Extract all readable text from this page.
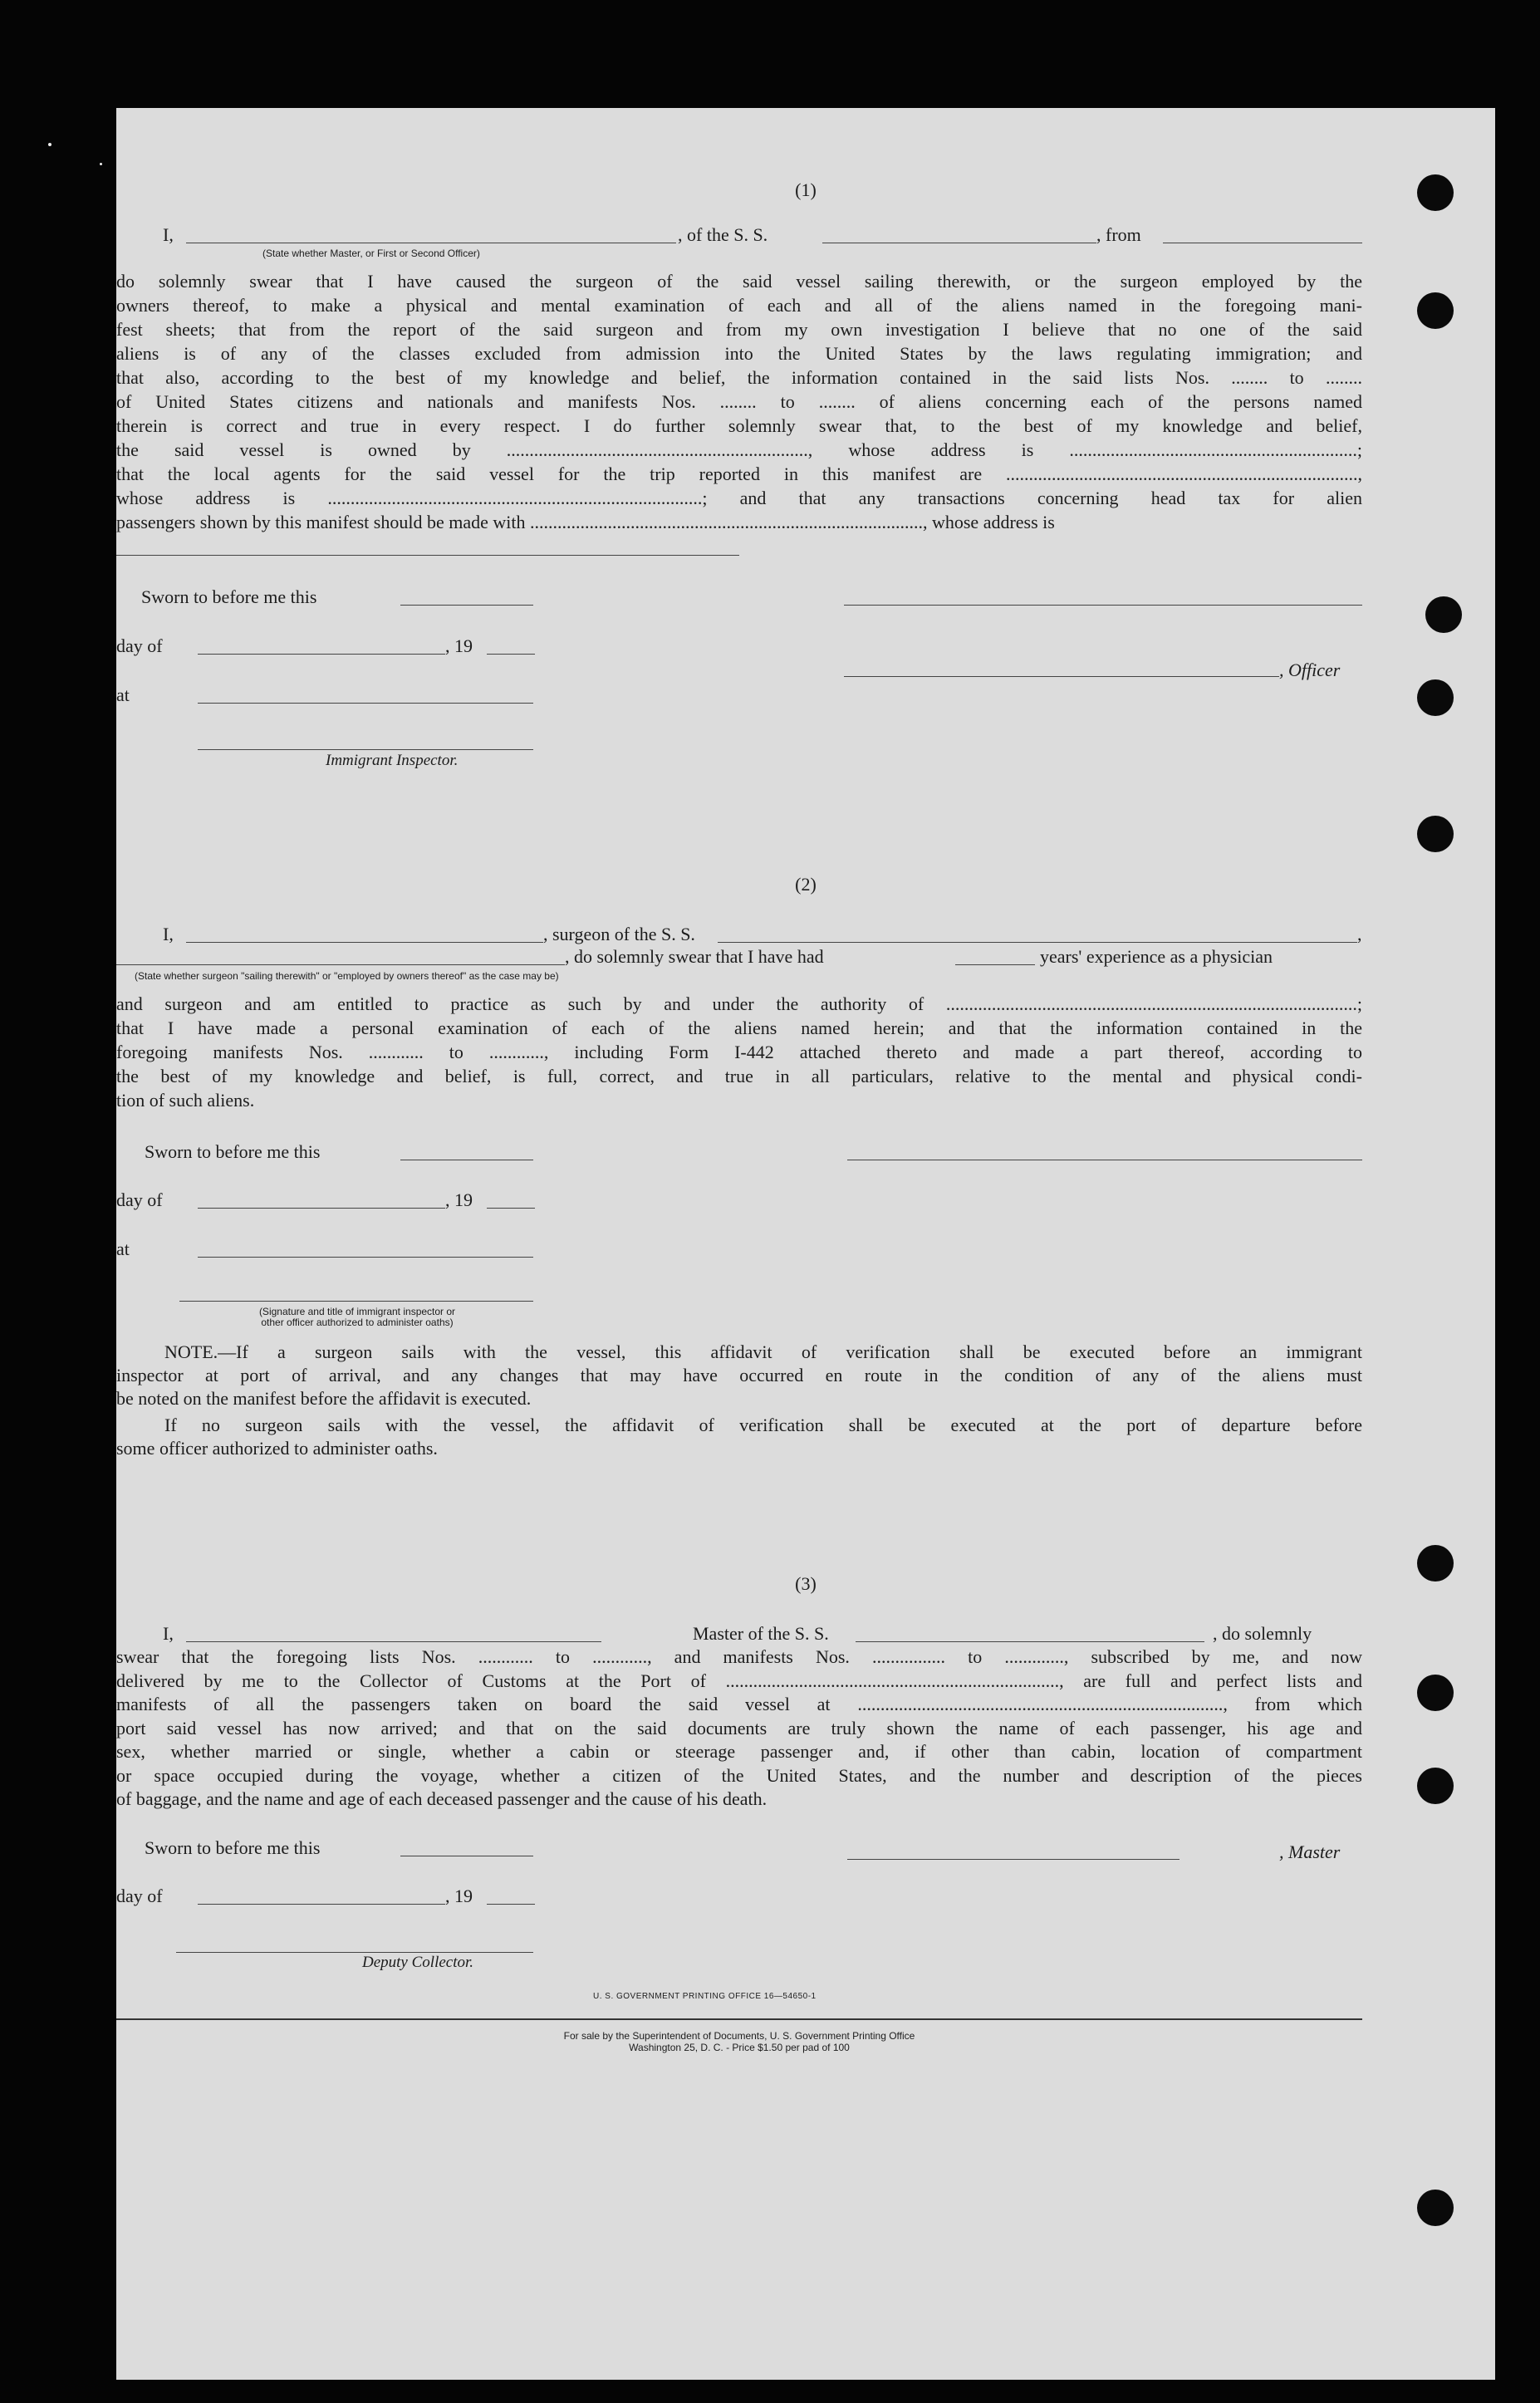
(1)
I,	, of the S. S.	, from
(State whether Master, or First or Second Officer)
do solemnly swear that I have caused the surgeon of the said vessel sailing therewith, or the surgeon employed by the
owners thereof, to make a physical and mental examination of each and all of the aliens named in the foregoing mani-
fest sheets; that from the report of the said surgeon and from my own investigation I believe that no one of the said
aliens is of any of the classes excluded from admission into the United States by the laws regulating immigration; and
that also, according to the best of my knowledge and belief, the information contained in the said lists Nos. ........ to ........
of United States citizens and nationals and manifests Nos. ........ to ........ of aliens concerning each of the persons named
therein is correct and true in every respect. I do further solemnly swear that, to the best of my knowledge and belief,
the said vessel is owned by .................................................................., whose address is ...............................................................;
that the local agents for the said vessel for the trip reported in this manifest are .............................................................................,
whose address is ..................................................................................; and that any transactions concerning head tax for alien
passengers shown by this manifest should be made with ......................................................................................, whose address is
Sworn to before me this
day of	, 19
, Officer
at
Immigrant Inspector.
(2)
I,	, surgeon of the S. S.	,
, do solemnly swear that I have had	years' experience as a physician
(State whether surgeon "sailing therewith" or "employed by owners thereof" as the case may be)
and surgeon and am entitled to practice as such by and under the authority of ..........................................................................................;
that I have made a personal examination of each of the aliens named herein; and that the information contained in the
foregoing manifests Nos. ............ to ............, including Form I-442 attached thereto and made a part thereof, according to
the best of my knowledge and belief, is full, correct, and true in all particulars, relative to the mental and physical condi-
tion of such aliens.
Sworn to before me this
day of	, 19
at
(Signature and title of immigrant inspector or
other officer authorized to administer oaths)
NOTE.—If a surgeon sails with the vessel, this affidavit of verification shall be executed before an immigrant
inspector at port of arrival, and any changes that may have occurred en route in the condition of any of the aliens must
be noted on the manifest before the affidavit is executed.
If no surgeon sails with the vessel, the affidavit of verification shall be executed at the port of departure before
some officer authorized to administer oaths.
(3)
I,	Master of the S. S.	, do solemnly
swear that the foregoing lists Nos. ............ to ............, and manifests Nos. ................ to ............., subscribed by me, and now
delivered by me to the Collector of Customs at the Port of ........................................................................., are full and perfect lists and
manifests of all the passengers taken on board the said vessel at ................................................................................, from which
port said vessel has now arrived; and that on the said documents are truly shown the name of each passenger, his age and
sex, whether married or single, whether a cabin or steerage passenger and, if other than cabin, location of compartment
or space occupied during the voyage, whether a citizen of the United States, and the number and description of the pieces
of baggage, and the name and age of each deceased passenger and the cause of his death.
Sworn to before me this	, Master
day of	, 19
Deputy Collector.
U. S. GOVERNMENT PRINTING OFFICE 16—54650-1
For sale by the Superintendent of Documents, U. S. Government Printing Office
Washington 25, D. C. - Price $1.50 per pad of 100
